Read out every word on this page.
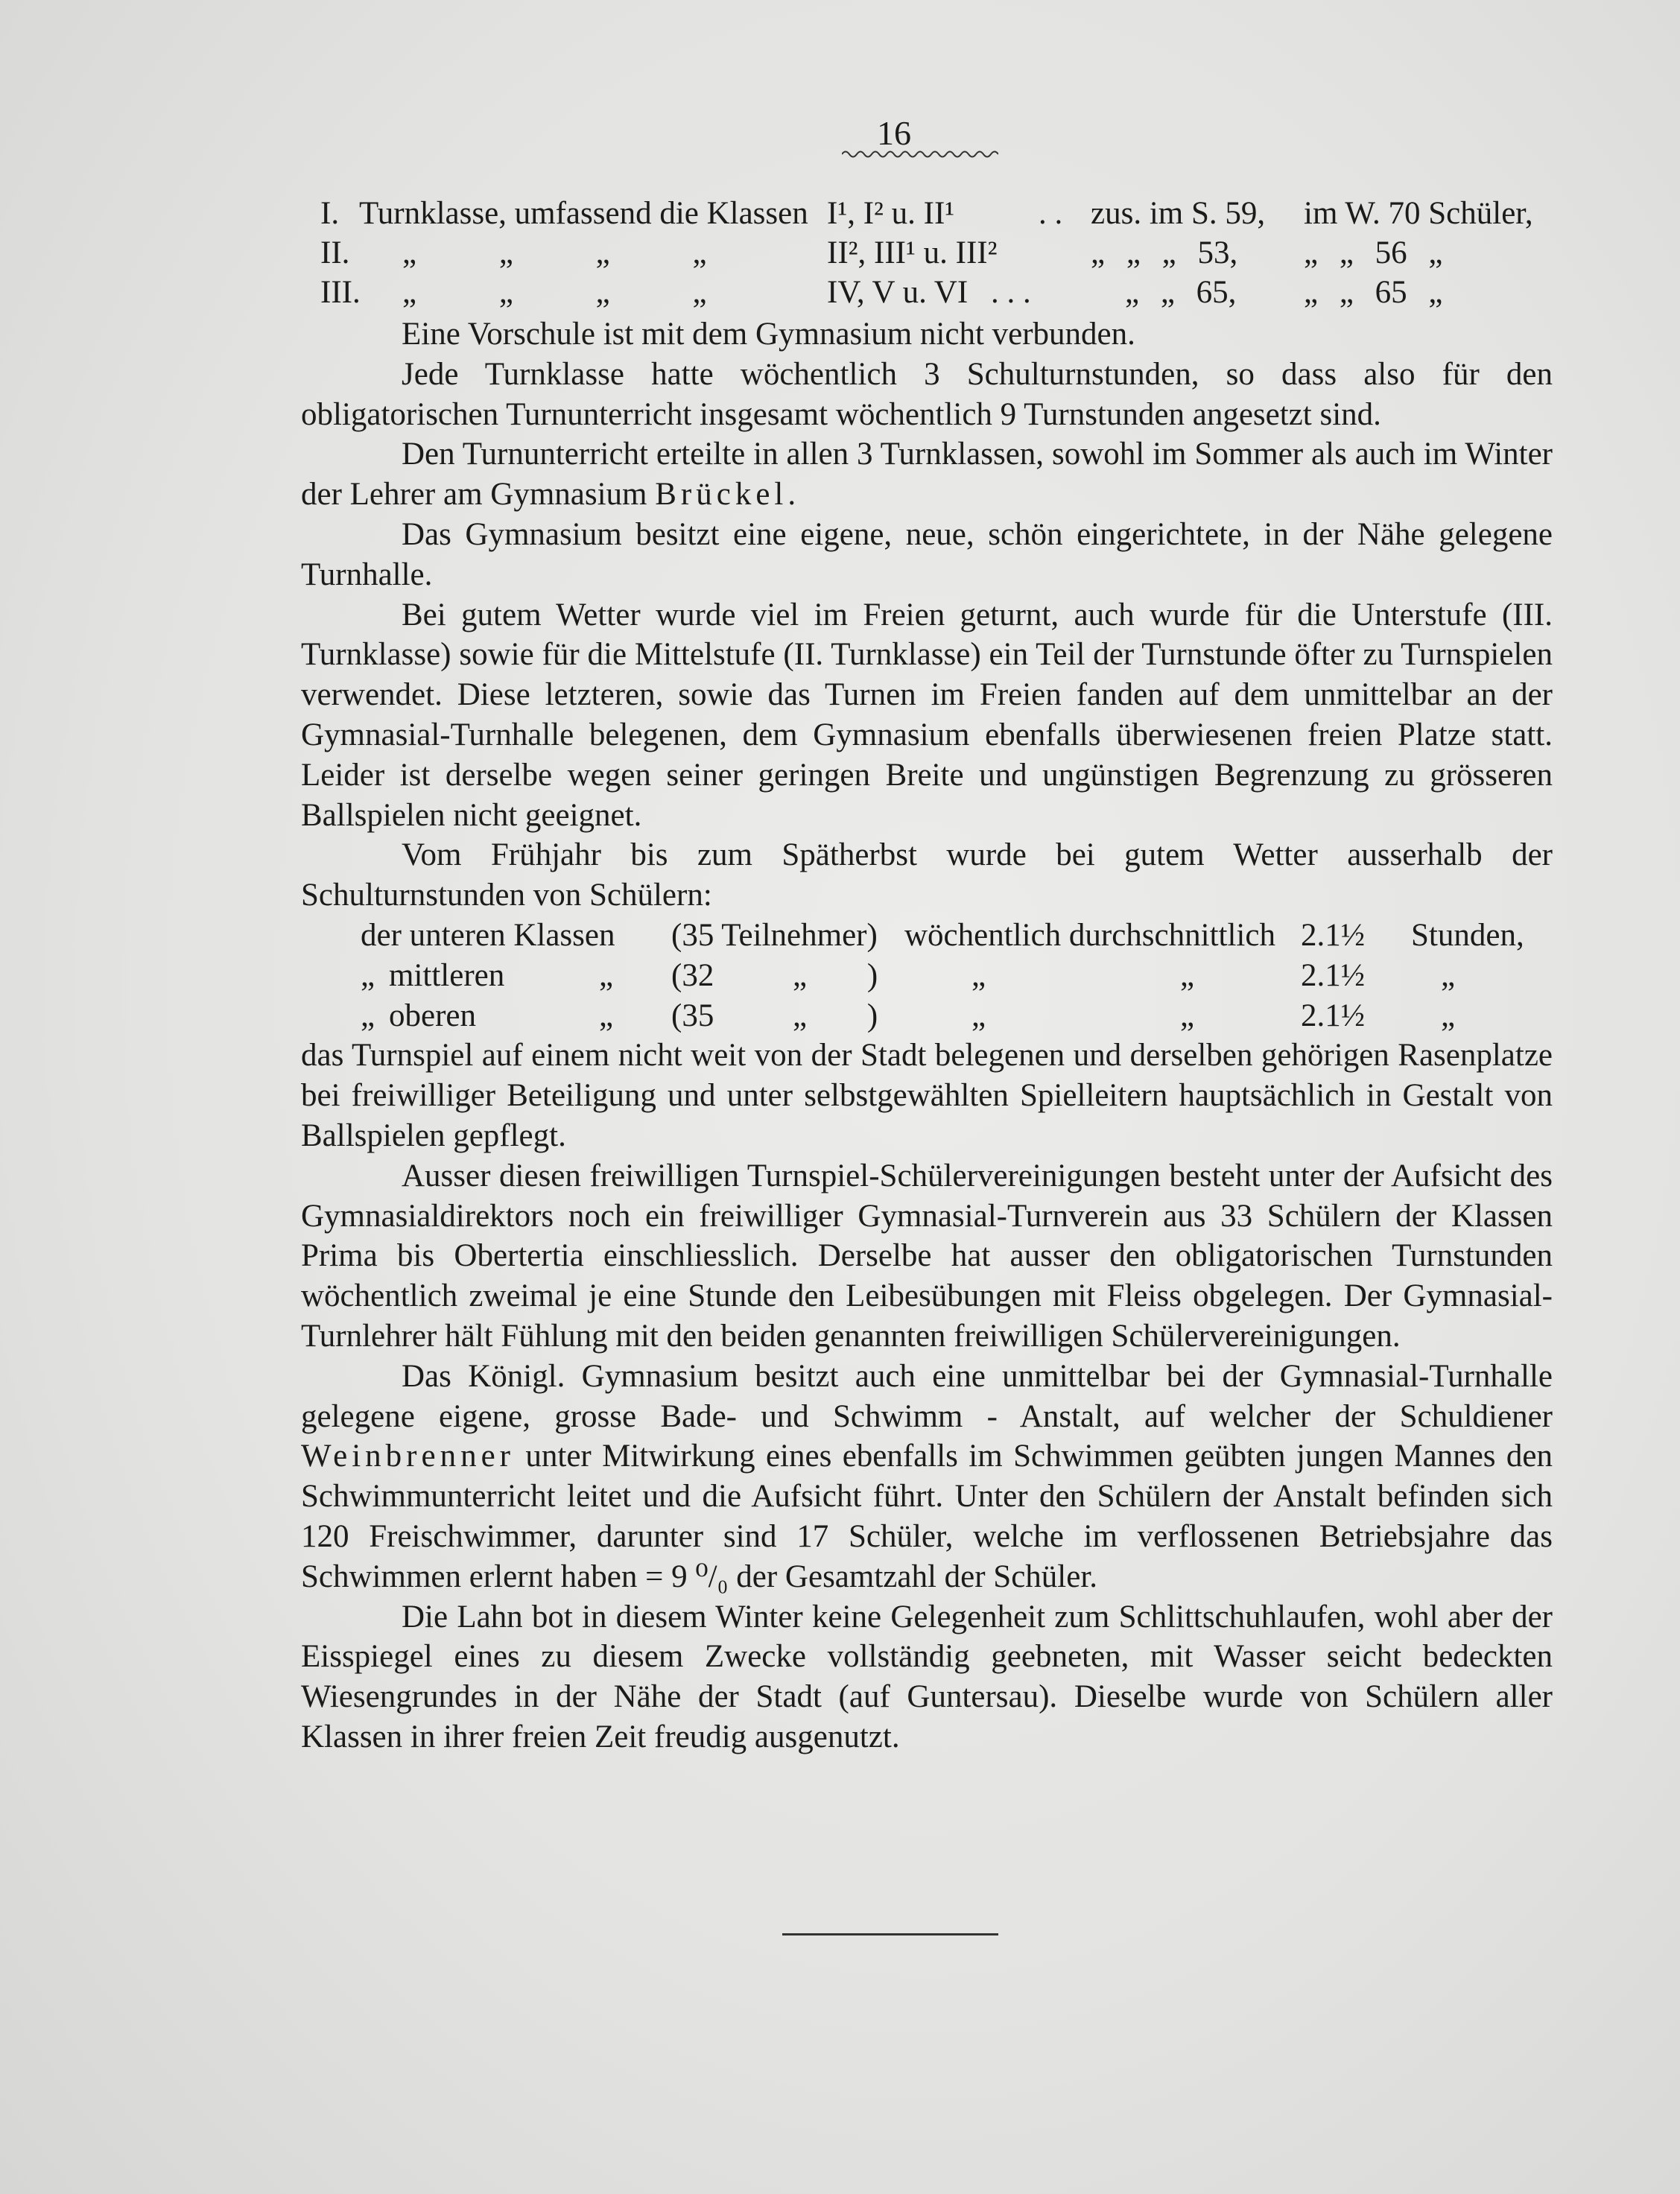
16
I. Turnklasse, umfassend die Klassen I¹, I² u. II¹	. . zus. im S. 59, im W. 70 Schüler,
II. „ „ „ „	II², III¹ u. III²	„ „ „ 53, „ „ 56 „
III. „ „ „ „	IV, V u. VI . . .	„ „ 65, „ „ 65 „

Eine Vorschule ist mit dem Gymnasium nicht verbunden.

Jede Turnklasse hatte wöchentlich 3 Schulturnstunden, so dass also für den obligatorischen Turnunterricht insgesamt wöchentlich 9 Turnstunden angesetzt sind.

Den Turnunterricht erteilte in allen 3 Turnklassen, sowohl im Sommer als auch im Winter der Lehrer am Gymnasium Brückel.

Das Gymnasium besitzt eine eigene, neue, schön eingerichtete, in der Nähe gelegene Turnhalle.

Bei gutem Wetter wurde viel im Freien geturnt, auch wurde für die Unterstufe (III. Turnklasse) sowie für die Mittelstufe (II. Turnklasse) ein Teil der Turnstunde öfter zu Turnspielen verwendet. Diese letzteren, sowie das Turnen im Freien fanden auf dem unmittelbar an der Gymnasial-Turnhalle belegenen, dem Gymnasium ebenfalls überwiesenen freien Platze statt. Leider ist derselbe wegen seiner geringen Breite und ungünstigen Begrenzung zu grösseren Ballspielen nicht geeignet.

Vom Frühjahr bis zum Spätherbst wurde bei gutem Wetter ausserhalb der Schulturnstunden von Schülern:

der unteren Klassen (35 Teilnehmer) wöchentlich durchschnittlich 2.1½ Stunden,
„ mittleren	„ (32 „ )	„	„	2.1½ „
„ oberen	„ (35 „ )	„	„	2.1½ „

das Turnspiel auf einem nicht weit von der Stadt belegenen und derselben gehörigen Rasenplatze bei freiwilliger Beteiligung und unter selbstgewählten Spielleitern hauptsächlich in Gestalt von Ballspielen gepflegt.

Ausser diesen freiwilligen Turnspiel-Schülervereinigungen besteht unter der Aufsicht des Gymnasialdirektors noch ein freiwilliger Gymnasial-Turnverein aus 33 Schülern der Klassen Prima bis Obertertia einschliesslich. Derselbe hat ausser den obligatorischen Turnstunden wöchentlich zweimal je eine Stunde den Leibesübungen mit Fleiss obgelegen. Der Gymnasial-Turnlehrer hält Fühlung mit den beiden genannten freiwilligen Schülervereinigungen.

Das Königl. Gymnasium besitzt auch eine unmittelbar bei der Gymnasial-Turnhalle gelegene eigene, grosse Bade- und Schwimm - Anstalt, auf welcher der Schuldiener Weinbrenner unter Mitwirkung eines ebenfalls im Schwimmen geübten jungen Mannes den Schwimmunterricht leitet und die Aufsicht führt. Unter den Schülern der Anstalt befinden sich 120 Freischwimmer, darunter sind 17 Schüler, welche im verflossenen Betriebsjahre das Schwimmen erlernt haben = 9 ⁰/₀ der Gesamtzahl der Schüler.

Die Lahn bot in diesem Winter keine Gelegenheit zum Schlittschuhlaufen, wohl aber der Eisspiegel eines zu diesem Zwecke vollständig geebneten, mit Wasser seicht bedeckten Wiesengrundes in der Nähe der Stadt (auf Guntersau). Dieselbe wurde von Schülern aller Klassen in ihrer freien Zeit freudig ausgenutzt.
